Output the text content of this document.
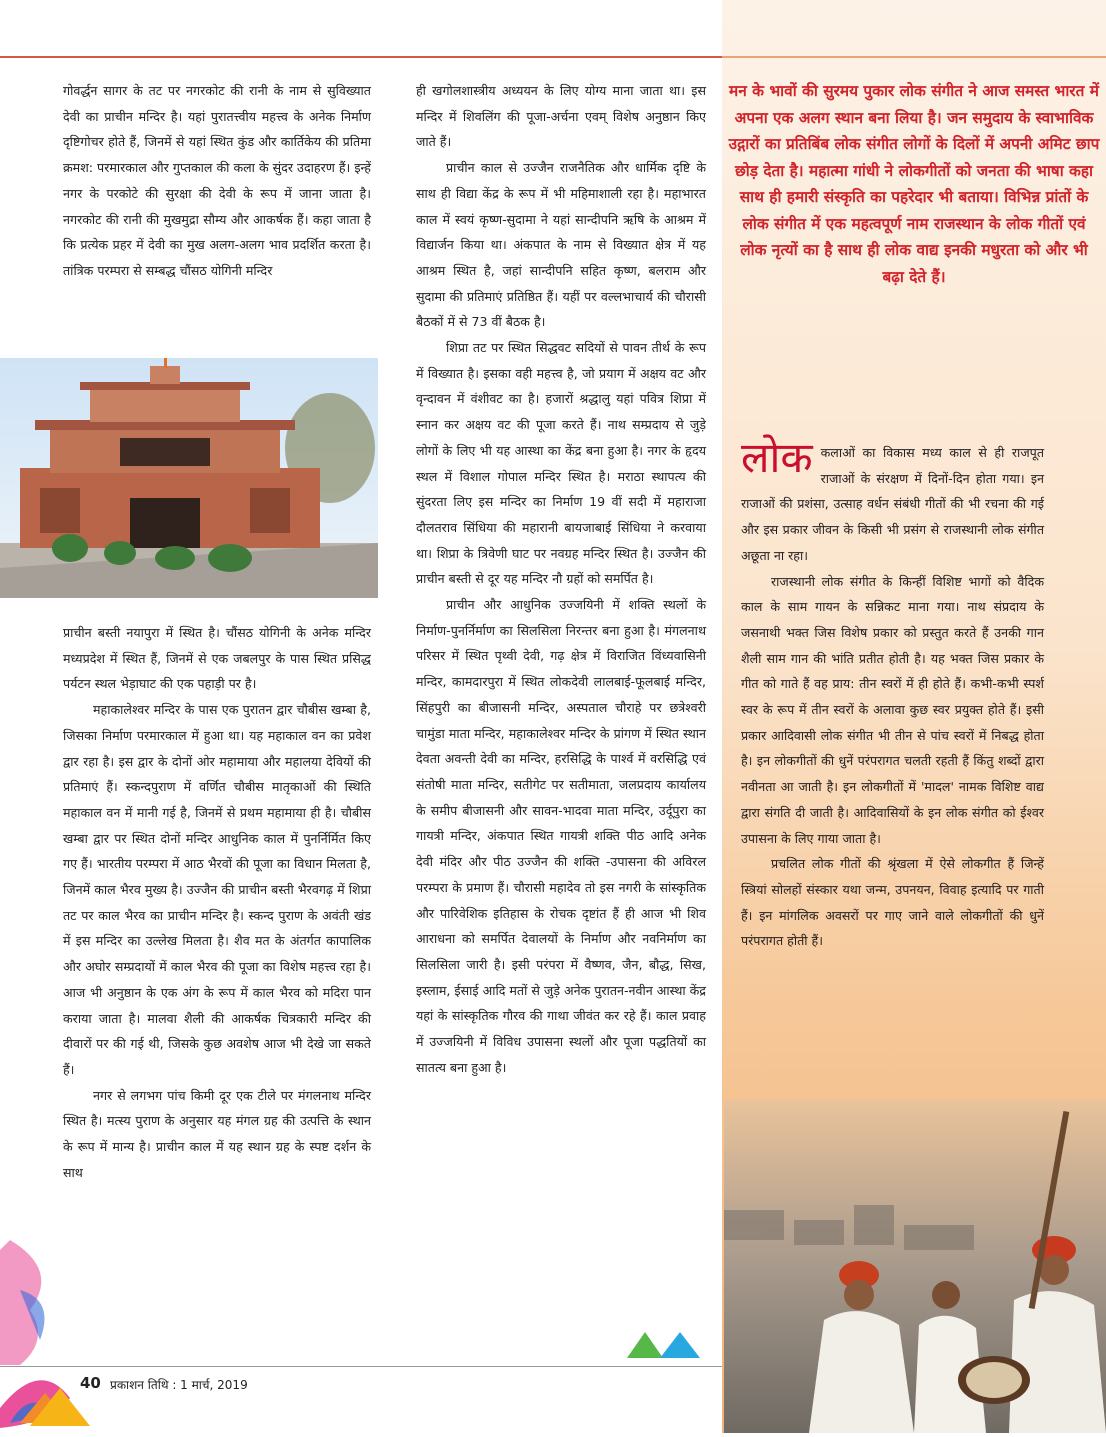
गोवर्द्धन सागर के तट पर नगरकोट की रानी के नाम से सुविख्यात देवी का प्राचीन मन्दिर है। यहां पुरातत्त्वीय महत्त्व के अनेक निर्माण दृष्टिगोचर होते हैं, जिनमें से यहां स्थित कुंड और कार्तिकेय की प्रतिमा क्रमश: परमारकाल और गुप्तकाल की कला के सुंदर उदाहरण हैं। इन्हें नगर के परकोटे की सुरक्षा की देवी के रूप में जाना जाता है। नगरकोट की रानी की मुखमुद्रा सौम्य और आकर्षक हैं। कहा जाता है कि प्रत्येक प्रहर में देवी का मुख अलग-अलग भाव प्रदर्शित करता है। तांत्रिक परम्परा से सम्बद्ध चौंसठ योगिनी मन्दिर

प्राचीन बस्ती नयापुरा में स्थित है। चौंसठ योगिनी के अनेक मन्दिर मध्यप्रदेश में स्थित हैं, जिनमें से एक जबलपुर के पास स्थित प्रसिद्ध पर्यटन स्थल भेड़ाघाट की एक पहाड़ी पर है।

महाकालेश्वर मन्दिर के पास एक पुरातन द्वार चौबीस खम्बा है, जिसका निर्माण परमारकाल में हुआ था। यह महाकाल वन का प्रवेश द्वार रहा है। इस द्वार के दोनों ओर महामाया और महालया देवियों की प्रतिमाएं हैं। स्कन्दपुराण में वर्णित चौबीस मातृकाओं की स्थिति महाकाल वन में मानी गई है, जिनमें से प्रथम महामाया ही है। चौबीस खम्बा द्वार पर स्थित दोनों मन्दिर आधुनिक काल में पुनर्निर्मित किए गए हैं। भारतीय परम्परा में आठ भैरवों की पूजा का विधान मिलता है, जिनमें काल भैरव मुख्य है। उज्जैन की प्राचीन बस्ती भैरवगढ़ में शिप्रा तट पर काल भैरव का प्राचीन मन्दिर है। स्कन्द पुराण के अवंती खंड में इस मन्दिर का उल्लेख मिलता है। शैव मत के अंतर्गत कापालिक और अघोर सम्प्रदायों में काल भैरव की पूजा का विशेष महत्त्व रहा है। आज भी अनुष्ठान के एक अंग के रूप में काल भैरव को मदिरा पान कराया जाता है। मालवा शैली की आकर्षक चित्रकारी मन्दिर की दीवारों पर की गई थी, जिसके कुछ अवशेष आज भी देखे जा सकते हैं।

नगर से लगभग पांच किमी दूर एक टीले पर मंगलनाथ मन्दिर स्थित है। मत्स्य पुराण के अनुसार यह मंगल ग्रह की उत्पत्ति के स्थान के रूप में मान्य है। प्राचीन काल में यह स्थान ग्रह के स्पष्ट दर्शन के साथ

ही खगोलशास्त्रीय अध्ययन के लिए योग्य माना जाता था। इस मन्दिर में शिवलिंग की पूजा-अर्चना एवम् विशेष अनुष्ठान किए जाते हैं।

प्राचीन काल से उज्जैन राजनैतिक और धार्मिक दृष्टि के साथ ही विद्या केंद्र के रूप में भी महिमाशाली रहा है। महाभारत काल में स्वयं कृष्ण-सुदामा ने यहां सान्दीपनि ऋषि के आश्रम में विद्यार्जन किया था। अंकपात के नाम से विख्यात क्षेत्र में यह आश्रम स्थित है, जहां सान्दीपनि सहित कृष्ण, बलराम और सुदामा की प्रतिमाएं प्रतिष्ठित हैं। यहीं पर वल्लभाचार्य की चौरासी बैठकों में से 73 वीं बैठक है।

शिप्रा तट पर स्थित सिद्धवट सदियों से पावन तीर्थ के रूप में विख्यात है। इसका वही महत्त्व है, जो प्रयाग में अक्षय वट और वृन्दावन में वंशीवट का है। हजारों श्रद्धालु यहां पवित्र शिप्रा में स्नान कर अक्षय वट की पूजा करते हैं। नाथ सम्प्रदाय से जुड़े लोगों के लिए भी यह आस्था का केंद्र बना हुआ है। नगर के हृदय स्थल में विशाल गोपाल मन्दिर स्थित है। मराठा स्थापत्य की सुंदरता लिए इस मन्दिर का निर्माण 19 वीं सदी में महाराजा दौलतराव सिंधिया की महारानी बायजाबाई सिंधिया ने करवाया था। शिप्रा के त्रिवेणी घाट पर नवग्रह मन्दिर स्थित है। उज्जैन की प्राचीन बस्ती से दूर यह मन्दिर नौ ग्रहों को समर्पित है।

प्राचीन और आधुनिक उज्जयिनी में शक्ति स्थलों के निर्माण-पुनर्निर्माण का सिलसिला निरन्तर बना हुआ है। मंगलनाथ परिसर में स्थित पृथ्वी देवी, गढ़ क्षेत्र में विराजित विंध्यवासिनी मन्दिर, कामदारपुरा में स्थित लोकदेवी लालबाई-फूलबाई मन्दिर, सिंहपुरी का बीजासनी मन्दिर, अस्पताल चौराहे पर छत्रेश्वरी चामुंडा माता मन्दिर, महाकालेश्वर मन्दिर के प्रांगण में स्थित स्थान देवता अवन्ती देवी का मन्दिर, हरसिद्धि के पार्श्व में वरसिद्धि एवं संतोषी माता मन्दिर, सतीगेट पर सतीमाता, जलप्रदाय कार्यालय के समीप बीजासनी और सावन-भादवा माता मन्दिर, उर्दूपुरा का गायत्री मन्दिर, अंकपात स्थित गायत्री शक्ति पीठ आदि अनेक देवी मंदिर और पीठ उज्जैन की शक्ति -उपासना की अविरल परम्परा के प्रमाण हैं। चौरासी महादेव तो इस नगरी के सांस्कृतिक और पारिवेशिक इतिहास के रोचक दृष्टांत हैं ही आज भी शिव आराधना को समर्पित देवालयों के निर्माण और नवनिर्माण का सिलसिला जारी है। इसी परंपरा में वैष्णव, जैन, बौद्ध, सिख, इस्लाम, ईसाई आदि मतों से जुड़े अनेक पुरातन-नवीन आस्था केंद्र यहां के सांस्कृतिक गौरव की गाथा जीवंत कर रहे हैं। काल प्रवाह में उज्जयिनी में विविध उपासना स्थलों और पूजा पद्धतियों का सातत्य बना हुआ है।

मन के भावों की सुरमय पुकार लोक संगीत ने आज समस्त भारत में अपना एक अलग स्थान बना लिया है। जन समुदाय के स्वाभाविक उद्गारों का प्रतिबिंब लोक संगीत लोगों के दिलों में अपनी अमिट छाप छोड़ देता है। महात्मा गांधी ने लोकगीतों को जनता की भाषा कहा साथ ही हमारी संस्कृति का पहरेदार भी बताया। विभिन्न प्रांतों के लोक संगीत में एक महत्वपूर्ण नाम राजस्थान के लोक गीतों एवं लोक नृत्यों का है साथ ही लोक वाद्य इनकी मधुरता को और भी बढ़ा देते हैं।

लोक कलाओं का विकास मध्य काल से ही राजपूत राजाओं के संरक्षण में दिनों-दिन होता गया। इन राजाओं की प्रशंसा, उत्साह वर्धन संबंधी गीतों की भी रचना की गई और इस प्रकार जीवन के किसी भी प्रसंग से राजस्थानी लोक संगीत अछूता ना रहा।

राजस्थानी लोक संगीत के किन्हीं विशिष्ट भागों को वैदिक काल के साम गायन के सन्निकट माना गया। नाथ संप्रदाय के जसनाथी भक्त जिस विशेष प्रकार को प्रस्तुत करते हैं उनकी गान शैली साम गान की भांति प्रतीत होती है। यह भक्त जिस प्रकार के गीत को गाते हैं वह प्राय: तीन स्वरों में ही होते हैं। कभी-कभी स्पर्श स्वर के रूप में तीन स्वरों के अलावा कुछ स्वर प्रयुक्त होते हैं। इसी प्रकार आदिवासी लोक संगीत भी तीन से पांच स्वरों में निबद्ध होता है। इन लोकगीतों की धुनें परंपरागत चलती रहती हैं किंतु शब्दों द्वारा नवीनता आ जाती है। इन लोकगीतों में 'मादल' नामक विशिष्ट वाद्य द्वारा संगति दी जाती है। आदिवासियों के इन लोक संगीत को ईश्वर उपासना के लिए गाया जाता है।

प्रचलित लोक गीतों की श्रृंखला में ऐसे लोकगीत हैं जिन्हें स्त्रियां सोलहों संस्कार यथा जन्म, उपनयन, विवाह इत्यादि पर गाती हैं। इन मांगलिक अवसरों पर गाए जाने वाले लोकगीतों की धुनें परंपरागत होती हैं।

40 प्रकाशन तिथि : 1 मार्च, 2019
